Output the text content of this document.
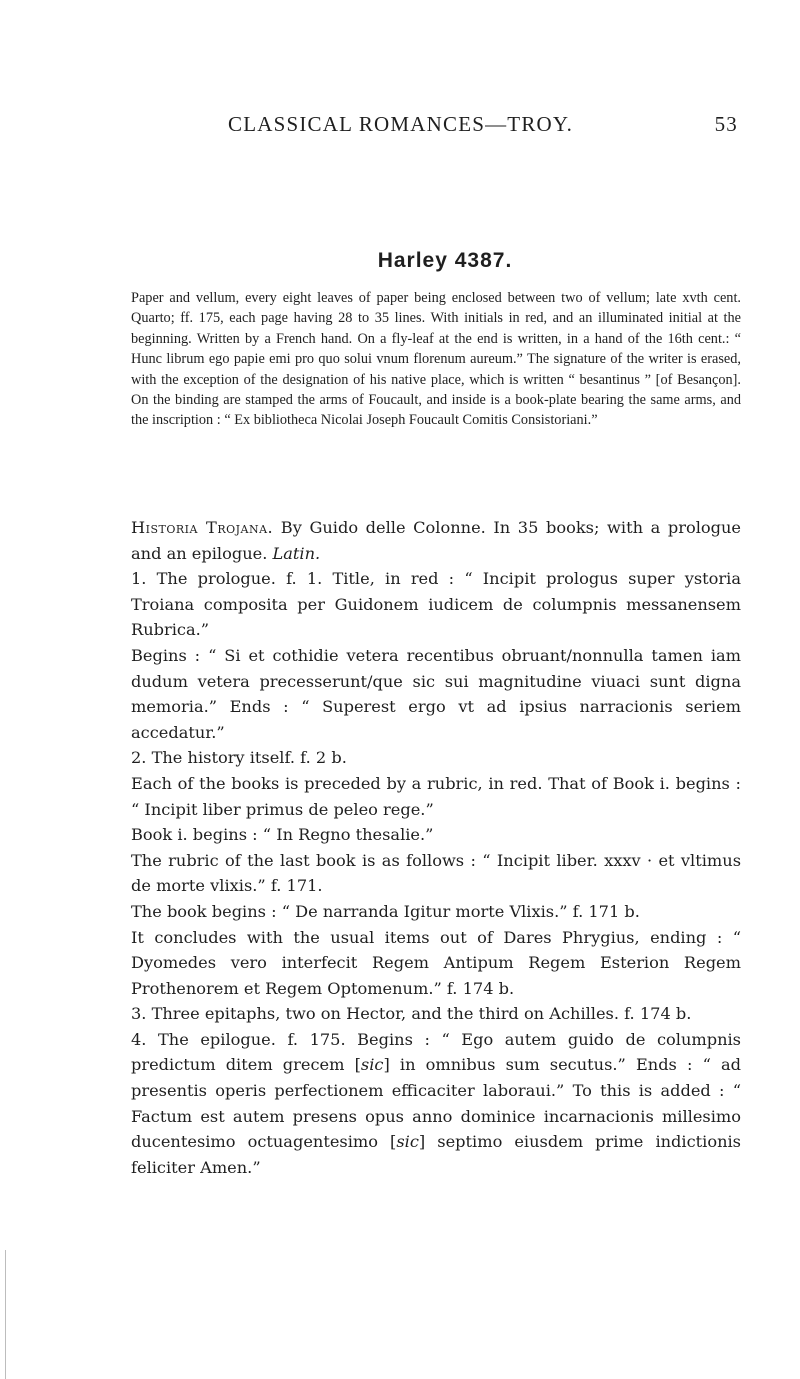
CLASSICAL ROMANCES—TROY.	53
Harley 4387.

Paper and vellum, every eight leaves of paper being enclosed between two of vellum; late xvth cent. Quarto; ff. 175, each page having 28 to 35 lines. With initials in red, and an illuminated initial at the beginning. Written by a French hand. On a fly-leaf at the end is written, in a hand of the 16th cent.: “ Hunc librum ego papie emi pro quo solui vnum florenum aureum.” The signature of the writer is erased, with the exception of the designation of his native place, which is written “ besantinus ” [of Besançon]. On the binding are stamped the arms of Foucault, and inside is a book-plate bearing the same arms, and the inscription : “ Ex bibliotheca Nicolai Joseph Foucault Comitis Consistoriani.”

Historia Trojana. By Guido delle Colonne. In 35 books; with a prologue and an epilogue. Latin.

1. The prologue. f. 1. Title, in red : “ Incipit prologus super ystoria Troiana composita per Guidonem iudicem de columpnis messanensem Rubrica.”

Begins : “ Si et cothidie vetera recentibus obruant/nonnulla tamen iam dudum vetera precesserunt/que sic sui magnitudine viuaci sunt digna memoria.” Ends : “ Superest ergo vt ad ipsius narracionis seriem accedatur.”

2. The history itself. f. 2 b.

Each of the books is preceded by a rubric, in red. That of Book i. begins : “ Incipit liber primus de peleo rege.”

Book i. begins : “ In Regno thesalie.”

The rubric of the last book is as follows : “ Incipit liber. xxxv · et vltimus de morte vlixis.” f. 171.

The book begins : “ De narranda Igitur morte Vlixis.” f. 171 b.

It concludes with the usual items out of Dares Phrygius, ending : “ Dyomedes vero interfecit Regem Antipum Regem Esterion Regem Prothenorem et Regem Optomenum.” f. 174 b.

3. Three epitaphs, two on Hector, and the third on Achilles. f. 174 b.

4. The epilogue. f. 175. Begins : “ Ego autem guido de columpnis predictum ditem grecem [sic] in omnibus sum secutus.” Ends : “ ad presentis operis perfectionem efficaciter laboraui.” To this is added : “ Factum est autem presens opus anno dominice incarnacionis millesimo ducentesimo octuagentesimo [sic] septimo eiusdem prime indictionis feliciter Amen.”
